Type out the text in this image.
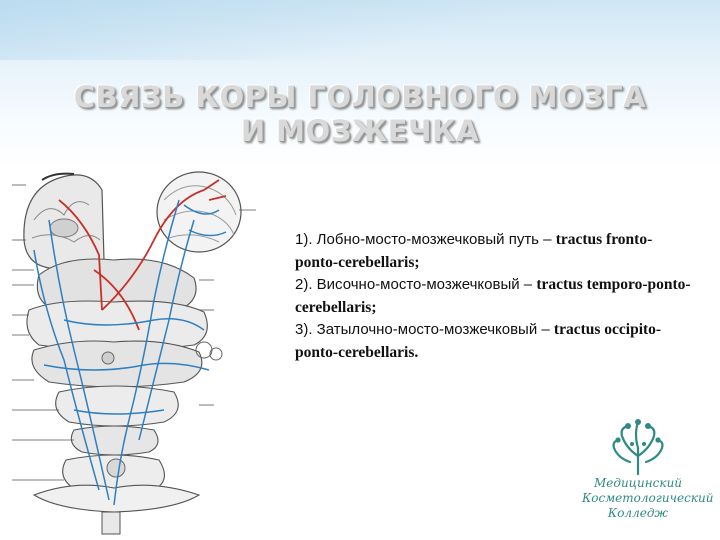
СВЯЗЬ КОРЫ ГОЛОВНОГО МОЗГА
И МОЗЖЕЧКА
1). Лобно-мосто-мозжечковый путь – tractus fronto-ponto-cerebellaris;
2). Височно-мосто-мозжечковый – tractus temporo-ponto-cerebellaris;
3). Затылочно-мосто-мозжечковый – tractus occipito-ponto-cerebellaris.
Медицинский
Косметологический
Колледж
